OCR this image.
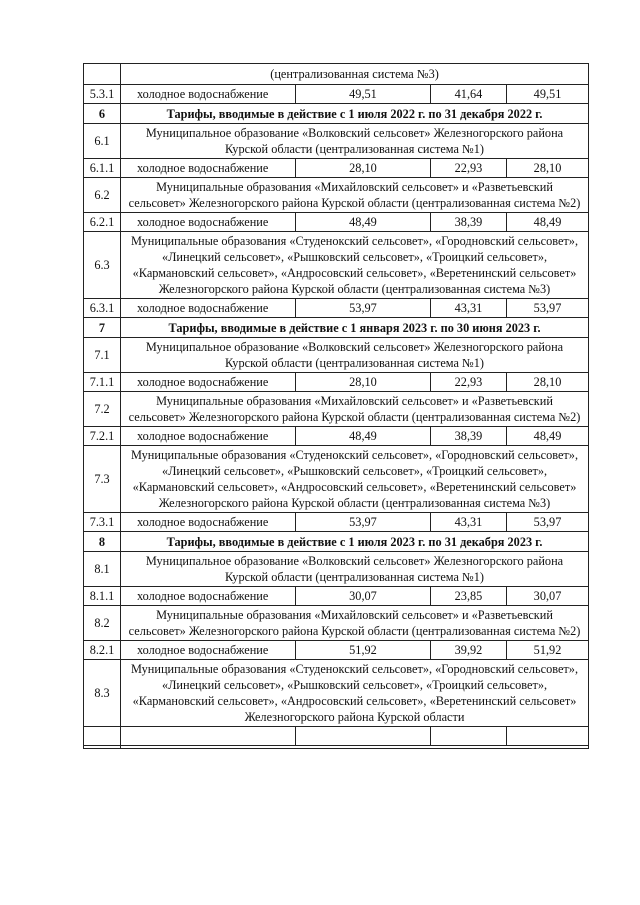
	(централизованная система №3)			
5.3.1	холодное водоснабжение	49,51	41,64	49,51
6	Тарифы, вводимые в действие с 1 июля 2022 г. по 31 декабря 2022 г.			
6.1	Муниципальное образование «Волковский сельсовет» Железногорского района Курской области (централизованная система №1)			
6.1.1	холодное водоснабжение	28,10	22,93	28,10
6.2	Муниципальные образования «Михайловский сельсовет» и «Разветьевский сельсовет» Железногорского района Курской области (централизованная система №2)			
6.2.1	холодное водоснабжение	48,49	38,39	48,49
6.3	Муниципальные образования «Студенокский сельсовет», «Городновский сельсовет», «Линецкий сельсовет», «Рышковский сельсовет», «Троицкий сельсовет», «Кармановский сельсовет», «Андросовский сельсовет», «Веретенинский сельсовет» Железногорского района Курской области (централизованная система №3)			
6.3.1	холодное водоснабжение	53,97	43,31	53,97
7	Тарифы, вводимые в действие с 1 января 2023 г. по 30 июня 2023 г.			
7.1	Муниципальное образование «Волковский сельсовет» Железногорского района Курской области (централизованная система №1)			
7.1.1	холодное водоснабжение	28,10	22,93	28,10
7.2	Муниципальные образования «Михайловский сельсовет» и «Разветьевский сельсовет» Железногорского района Курской области (централизованная система №2)			
7.2.1	холодное водоснабжение	48,49	38,39	48,49
7.3	Муниципальные образования «Студенокский сельсовет», «Городновский сельсовет», «Линецкий сельсовет», «Рышковский сельсовет», «Троицкий сельсовет», «Кармановский сельсовет», «Андросовский сельсовет», «Веретенинский сельсовет» Железногорского района Курской области (централизованная система №3)			
7.3.1	холодное водоснабжение	53,97	43,31	53,97
8	Тарифы, вводимые в действие с 1 июля 2023 г. по 31 декабря 2023 г.			
8.1	Муниципальное образование «Волковский сельсовет» Железногорского района Курской области (централизованная система №1)			
8.1.1	холодное водоснабжение	30,07	23,85	30,07
8.2	Муниципальные образования «Михайловский сельсовет» и «Разветьевский сельсовет» Железногорского района Курской области (централизованная система №2)			
8.2.1	холодное водоснабжение	51,92	39,92	51,92
8.3	Муниципальные образования «Студенокский сельсовет», «Городновский сельсовет», «Линецкий сельсовет», «Рышковский сельсовет», «Троицкий сельсовет», «Кармановский сельсовет», «Андросовский сельсовет», «Веретенинский сельсовет» Железногорского района Курской области			
